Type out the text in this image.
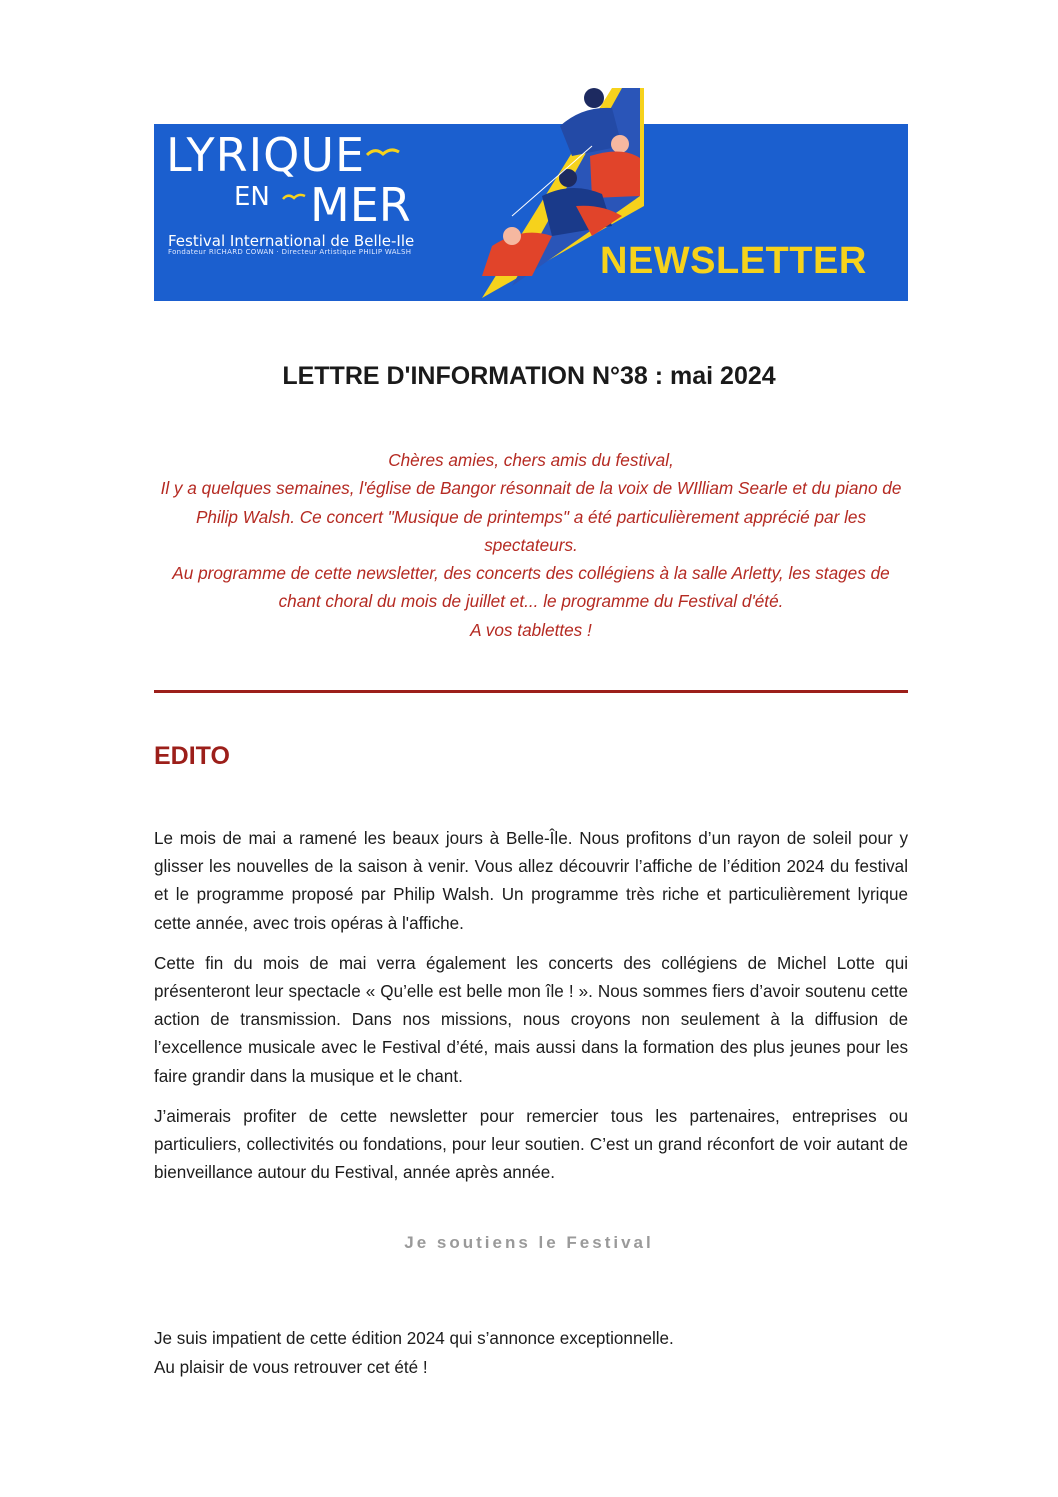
LYRIQUE
EN MER
Festival International de Belle-Ile
Fondateur RICHARD COWAN · Directeur Artistique PHILIP WALSH	NEWSLETTER
LETTRE D'INFORMATION N°38 : mai 2024

Chères amies, chers amis du festival,

Il y a quelques semaines, l'église de Bangor résonnait de la voix de WIlliam Searle et du piano de Philip Walsh. Ce concert "Musique de printemps" a été particulièrement apprécié par les spectateurs.

Au programme de cette newsletter, des concerts des collégiens à la salle Arletty, les stages de chant choral du mois de juillet et... le programme du Festival d'été.

A vos tablettes !

EDITO

Le mois de mai a ramené les beaux jours à Belle-Île. Nous profitons d’un rayon de soleil pour y glisser les nouvelles de la saison à venir. Vous allez découvrir l’affiche de l’édition 2024 du festival et le programme proposé par Philip Walsh. Un programme très riche et particulièrement lyrique cette année, avec trois opéras à l'affiche.

Cette fin du mois de mai verra également les concerts des collégiens de Michel Lotte qui présenteront leur spectacle « Qu’elle est belle mon île ! ». Nous sommes fiers d’avoir soutenu cette action de transmission. Dans nos missions, nous croyons non seulement à la diffusion de l’excellence musicale avec le Festival d’été, mais aussi dans la formation des plus jeunes pour les faire grandir dans la musique et le chant.

J’aimerais profiter de cette newsletter pour remercier tous les partenaires, entreprises ou particuliers, collectivités ou fondations, pour leur soutien. C’est un grand réconfort de voir autant de bienveillance autour du Festival, année après année.

Je soutiens le Festival

Je suis impatient de cette édition 2024 qui s’annonce exceptionnelle.

Au plaisir de vous retrouver cet été !
